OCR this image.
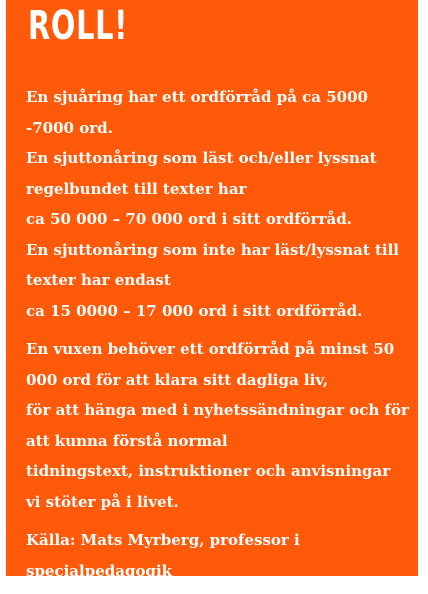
ROLL!

En sjuåring har ett ordförråd på ca 5000
-7000 ord.
En sjuttonåring som läst och/eller lyssnat
regelbundet till texter har
ca 50 000 – 70 000 ord i sitt ordförråd.
En sjuttonåring som inte har läst/lyssnat till
texter har endast
ca 15 0000 – 17 000 ord i sitt ordförråd.

En vuxen behöver ett ordförråd på minst 50
000 ord för att klara sitt dagliga liv,
för att hänga med i nyhetssändningar och för
att kunna förstå normal
tidningstext, instruktioner och anvisningar
vi stöter på i livet.

Källa: Mats Myrberg, professor i
specialpedagogik
